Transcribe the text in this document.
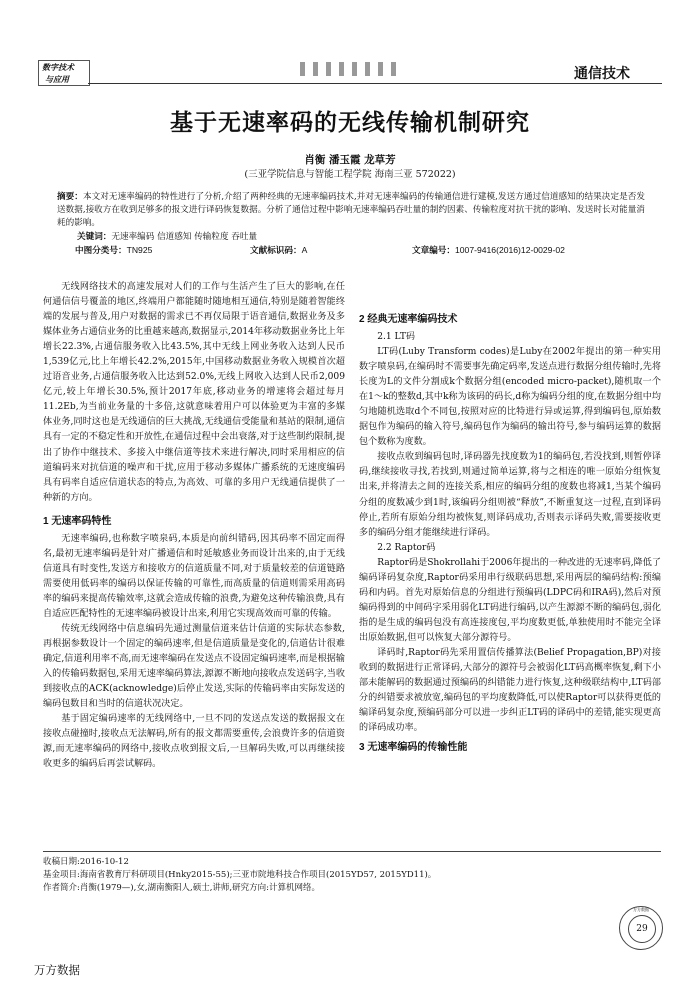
数字技术
与应用	通信技术
基于无速率码的无线传输机制研究
肖衡 潘玉霞 龙草芳
(三亚学院信息与智能工程学院 海南三亚 572022)
摘要：本文对无速率编码的特性进行了分析,介绍了两种经典的无速率编码技术,并对无速率编码的传输通信进行建模,发送方通过信道感知的结果决定是否发送数据,接收方在收到足够多的报文进行译码恢复数据。分析了通信过程中影响无速率编码吞吐量的制约因素、传输粒度对抗干扰的影响、发送时长对能量消耗的影响。
关键词：无速率编码 信道感知 传输粒度 吞吐量
中图分类号：TN925	文献标识码：A	文章编号：1007-9416(2016)12-0029-02

无线网络技术的高速发展对人们的工作与生活产生了巨大的影响,在任何通信信号覆盖的地区,终端用户都能随时随地相互通信,特别是随着智能终端的发展与普及,用户对数据的需求已不再仅局限于语音通信,数据业务及多媒体业务占通信业务的比重越来越高,数据显示,2014年移动数据业务比上年增长22.3%,占通信服务收入比43.5%,其中无线上网业务收入达到人民币1,539亿元,比上年增长42.2%,2015年,中国移动数据业务收入规模首次超过语音业务,占通信服务收入比达到52.0%,无线上网收入达到人民币2,009亿元,较上年增长30.5%,预计2017年底,移动业务的增速将会超过每月11.2Eb,为当前业务量的十多倍,这就意味着用户可以体验更为丰富的多媒体业务,同时这也是无线通信的巨大挑战,无线通信受能量和基站的限制,通信具有一定的不稳定性和开放性,在通信过程中会出衰落,对于这些制约限制,提出了协作中继技术、多接入中继信道等技术来进行解决,同时采用相应的信道编码来对抗信道的噪声和干扰,应用于移动多媒体广播系统的无速度编码具有码率自适应信道状态的特点,为高效、可靠的多用户无线通信提供了一种新的方向。

1 无速率码特性

无速率编码,也称数字喷泉码,本质是向前纠错码,因其码率不固定而得名,最初无速率编码是针对广播通信和时延敏感业务而设计出来的,由于无线信道具有时变性,发送方和接收方的信道质量不同,对于质量较差的信道链路需要使用低码率的编码以保证传输的可靠性,而高质量的信道则需采用高码率的编码来提高传输效率,这就会造成传输的浪费,为避免这种传输浪费,具有自适应匹配特性的无速率编码被设计出来,利用它实现高效而可靠的传输。

传统无线网络中信息编码先通过测量信道来估计信道的实际状态参数,再根据参数设计一个固定的编码速率,但是信道质量是变化的,信道估计很难确定,信道利用率不高,而无速率编码在发送点不设固定编码速率,而是根据输入的传输码数据包,采用无速率编码算法,源源不断地向接收点发送码字,当收到接收点的ACK(acknowledge)后停止发送,实际的传输码率由实际发送的编码包数目和当时的信道状况决定。

基于固定编码速率的无线网络中,一旦不同的发送点发送的数据报文在接收点碰撞时,接收点无法解码,所有的报文都需要重传,会浪费许多的信道资源,而无速率编码的网络中,接收点收到报文后,一旦解码失败,可以再继续接收更多的编码后再尝试解码。

2 经典无速率编码技术

2.1 LT码

LT码(Luby Transform codes)是Luby在2002年提出的第一种实用数字喷泉码,在编码时不需要事先确定码率,发送点进行数据分组传输时,先将长度为L的文件分割成k个数据分组(encoded micro-packet),随机取一个在1～k的整数d,其中k称为该码的码长,d称为编码分组的度,在数据分组中均匀地随机选取d个不同包,按照对应的比特进行异或运算,得到编码包,原始数据包作为编码的输入符号,编码包作为编码的输出符号,参与编码运算的数据包个数称为度数。

接收点收到编码包时,译码器先找度数为1的编码包,若没找到,则暂停译码,继续接收寻找,若找到,则通过简单运算,将与之相连的唯一原始分组恢复出来,并将清去之间的连接关系,相应的编码分组的度数也将减1,当某个编码分组的度数减少到1时,该编码分组则被“释放”,不断重复这一过程,直到译码停止,若所有原始分组均被恢复,则译码成功,否则表示译码失败,需要接收更多的编码分组才能继续进行译码。

2.2 Raptor码

Raptor码是Shokrollahi于2006年提出的一种改进的无速率码,降低了编码译码复杂度,Raptor码采用串行级联码思想,采用两层的编码结构:预编码和内码。首先对原始信息的分组进行预编码(LDPC码和IRA码),然后对预编码得到的中间码字采用弱化LT码进行编码,以产生源源不断的编码包,弱化指的是生成的编码包没有高连接度包,平均度数更低,单独使用时不能完全译出原始数据,但可以恢复大部分源符号。

译码时,Raptor码先采用置信传播算法(Belief Propagation,BP)对接收到的数据进行正常译码,大部分的源符号会被弱化LT码高概率恢复,剩下小部未能解码的数据通过预编码的纠错能力进行恢复,这种级联结构中,LT码部分的纠错要求被放宽,编码包的平均度数降低,可以使Raptor可以获得更低的编译码复杂度,预编码部分可以进一步纠正LT码的译码中的差错,能实现更高的译码成功率。

3 无速率编码的传输性能
收稿日期:2016-10-12
基金项目:海南省教育厅科研项目(Hnky2015-55);三亚市院地科技合作项目(2015YD57, 2015YD11)。
作者简介:肖衡(1979—),女,湖南衡阳人,硕士,讲师,研究方向:计算机网络。
万方数据
29
万方数据
